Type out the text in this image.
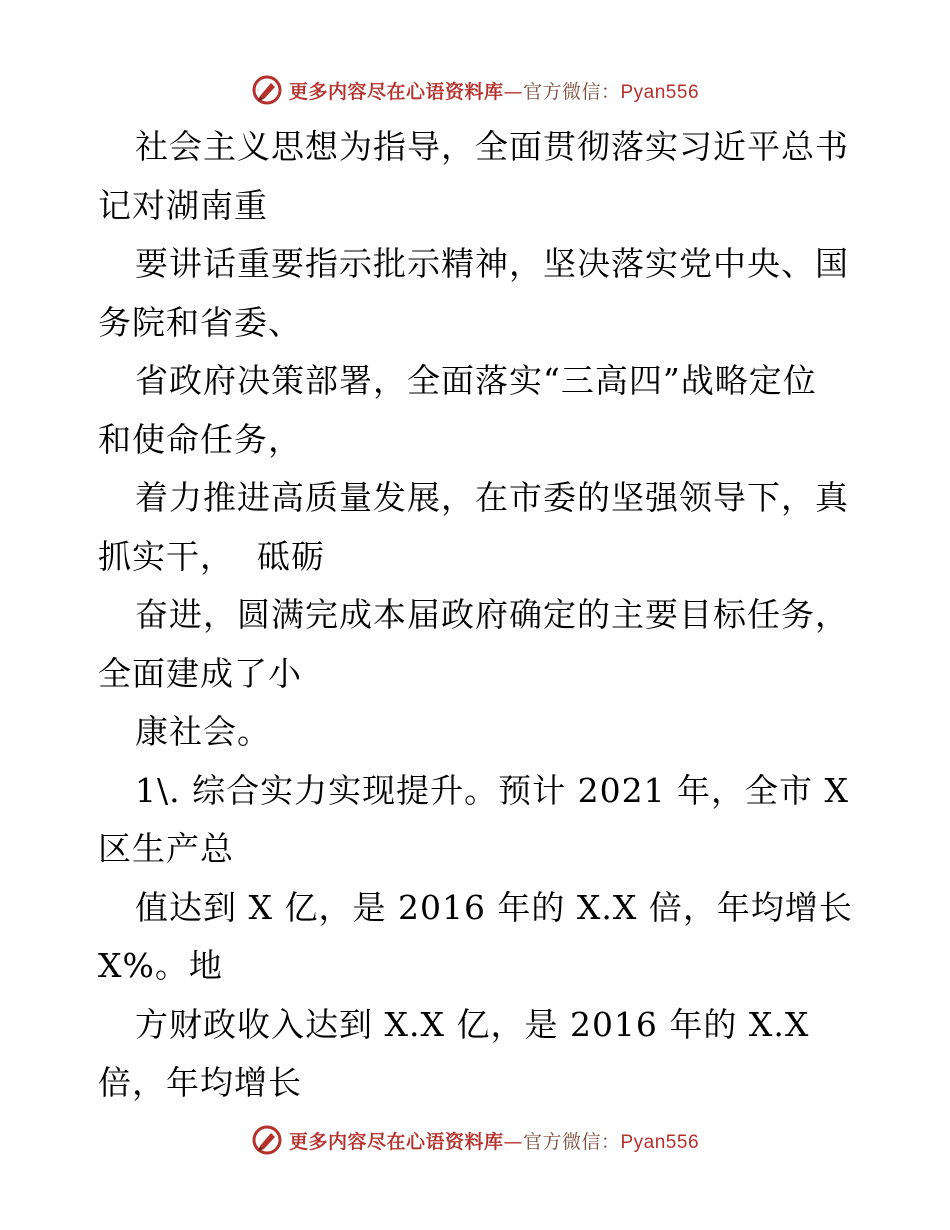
更多内容尽在心语资料库—官方微信：Pyan556

社会主义思想为指导，全面贯彻落实习近平总书

记对湖南重

要讲话重要指示批示精神，坚决落实党中央、国

务院和省委、

省政府决策部署，全面落实“三高四”战略定位

和使命任务，

着力推进高质量发展，在市委的坚强领导下，真

抓实干，  砥砺

奋进，圆满完成本届政府确定的主要目标任务，

全面建成了小

康社会。

1\. 综合实力实现提升。预计 2021 年，全市 X

区生产总

值达到 X 亿，是 2016 年的 X.X 倍，年均增长

X%。地

方财政收入达到 X.X 亿，是 2016 年的 X.X

倍，年均增长

更多内容尽在心语资料库—官方微信：Pyan556
